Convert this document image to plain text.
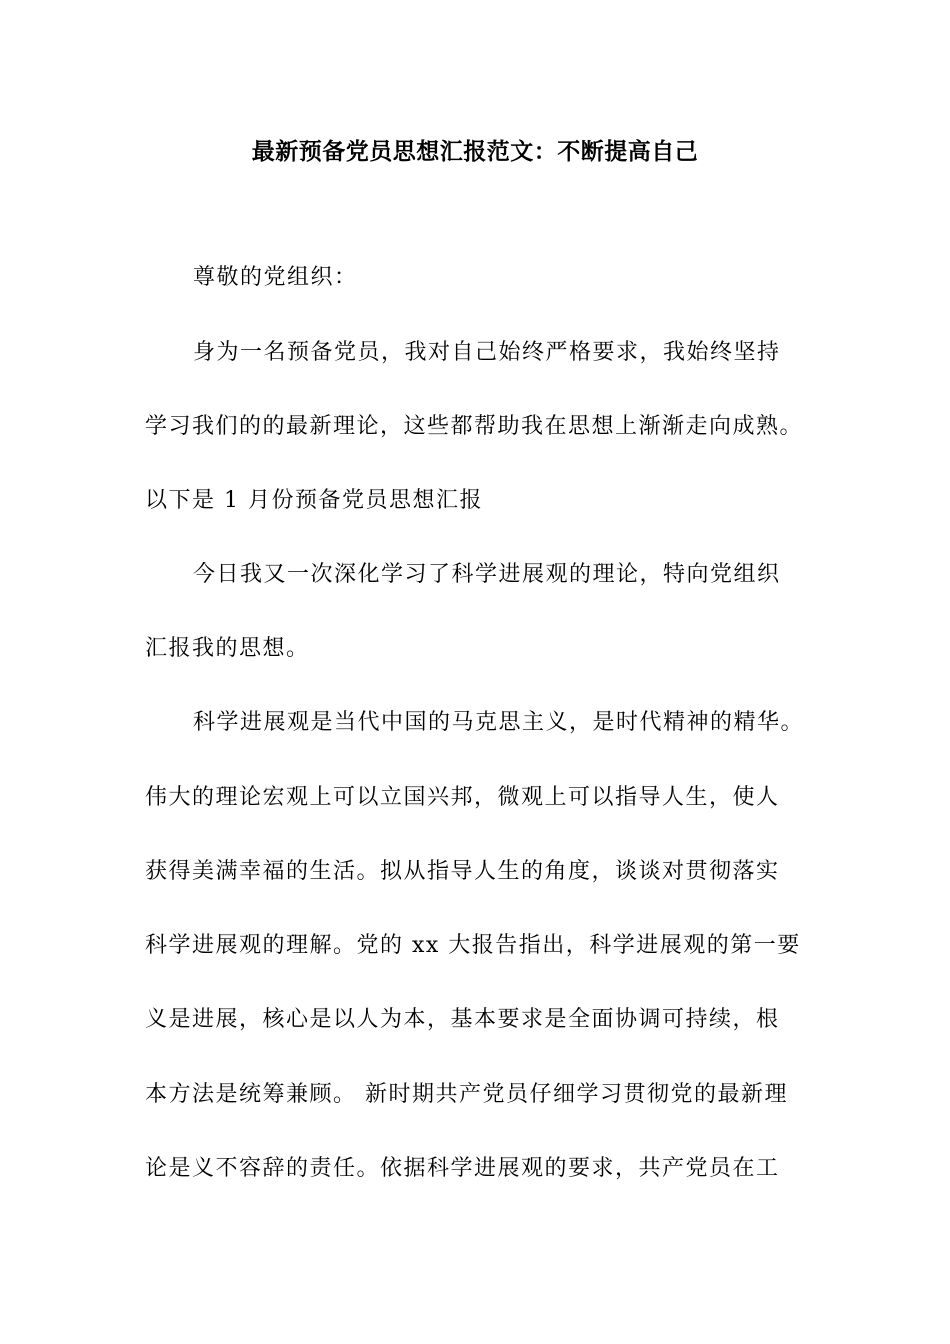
最新预备党员思想汇报范文：不断提高自己
尊敬的党组织：
身为一名预备党员，我对自己始终严格要求，我始终坚持
学习我们的的最新理论，这些都帮助我在思想上渐渐走向成熟。
以下是 1 月份预备党员思想汇报
今日我又一次深化学习了科学进展观的理论，特向党组织
汇报我的思想。
科学进展观是当代中国的马克思主义，是时代精神的精华。
伟大的理论宏观上可以立国兴邦，微观上可以指导人生，使人
获得美满幸福的生活。拟从指导人生的角度，谈谈对贯彻落实
科学进展观的理解。党的 xx 大报告指出，科学进展观的第一要
义是进展，核心是以人为本，基本要求是全面协调可持续，根
本方法是统筹兼顾。 新时期共产党员仔细学习贯彻党的最新理
论是义不容辞的责任。依据科学进展观的要求，共产党员在工
